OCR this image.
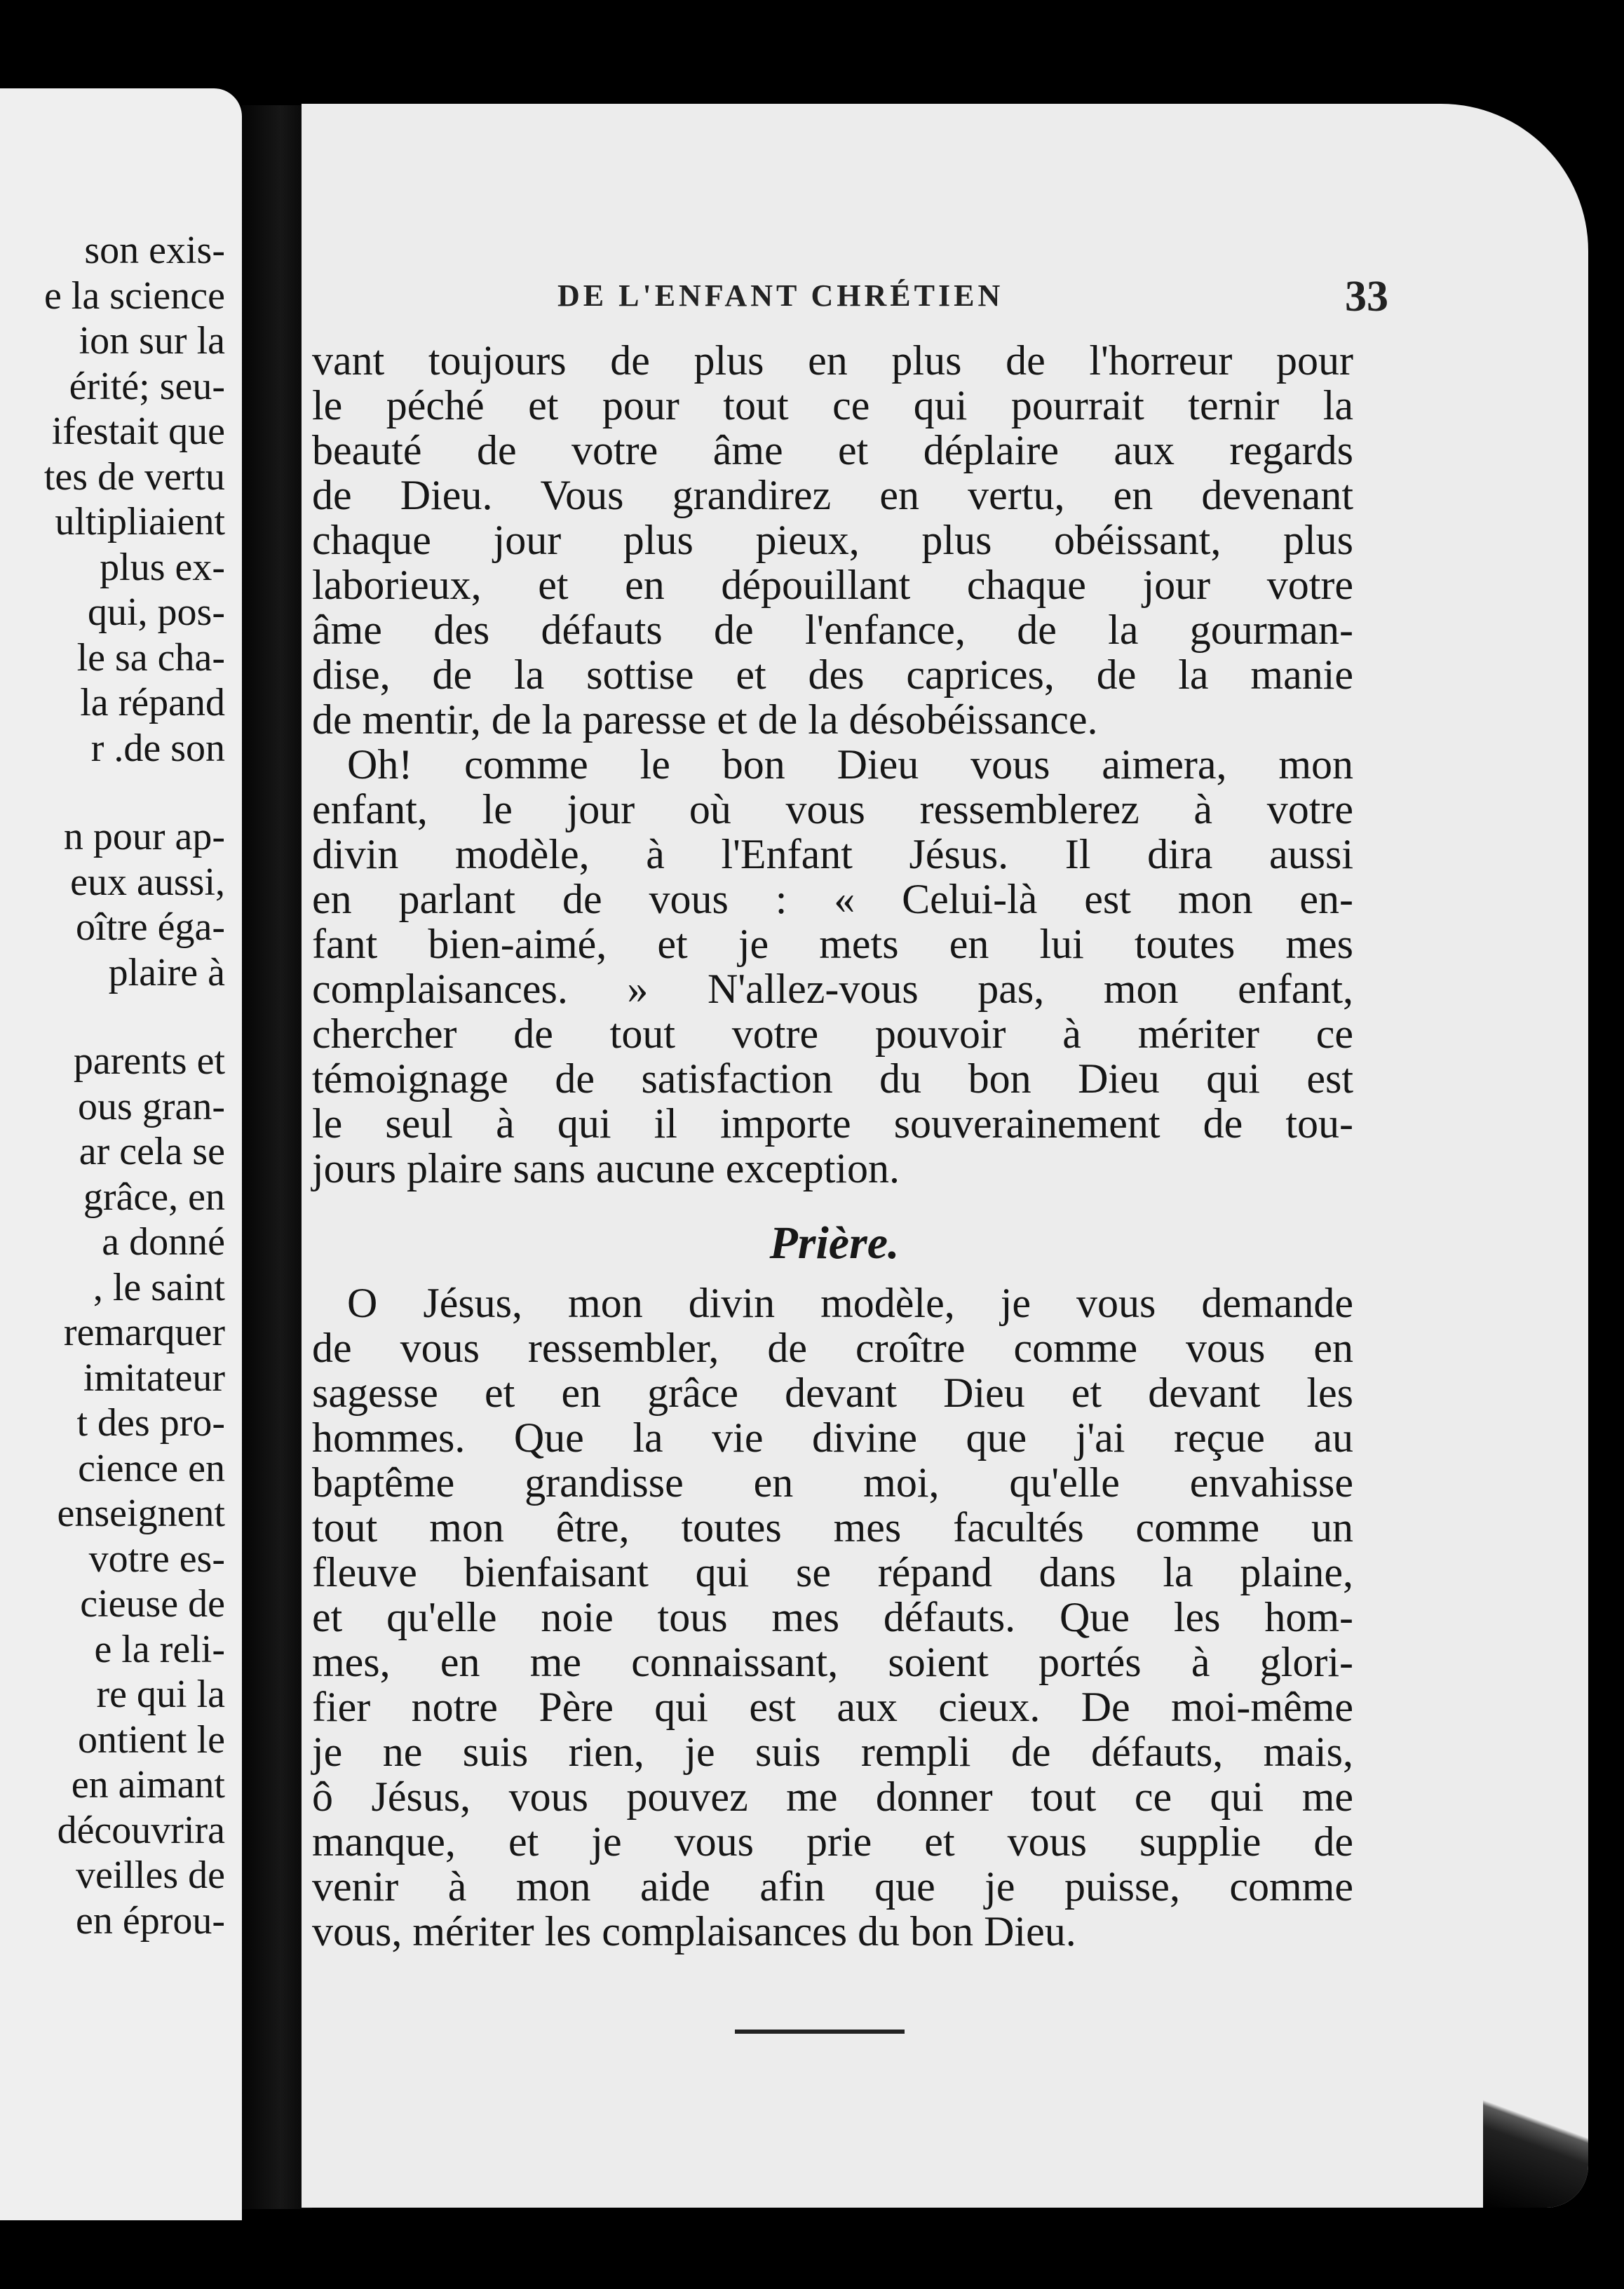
son exis-
e la science
ion sur la
érité; seu-
ifestait que
tes de vertu
ultipliaient
plus ex-
qui, pos-
le sa cha-
la répand
r .de son
n pour ap-
eux aussi,
oître éga-
plaire à
parents et
ous gran-
ar cela se
grâce, en
a donné
, le saint
remarquer
imitateur
t des pro-
cience en
enseignent
votre es-
cieuse de
e la reli-
re qui la
ontient le
en aimant
découvrira
veilles de
en éprou-
DE L'ENFANT CHRÉTIEN	33
vant toujours de plus en plus de l'horreur pour
le péché et pour tout ce qui pourrait ternir la
beauté de votre âme et déplaire aux regards
de Dieu. Vous grandirez en vertu, en devenant
chaque jour plus pieux, plus obéissant, plus
laborieux, et en dépouillant chaque jour votre
âme des défauts de l'enfance, de la gourman-
dise, de la sottise et des caprices, de la manie
de mentir, de la paresse et de la désobéissance.
Oh! comme le bon Dieu vous aimera, mon
enfant, le jour où vous ressemblerez à votre
divin modèle, à l'Enfant Jésus. Il dira aussi
en parlant de vous : « Celui-là est mon en-
fant bien-aimé, et je mets en lui toutes mes
complaisances. » N'allez-vous pas, mon enfant,
chercher de tout votre pouvoir à mériter ce
témoignage de satisfaction du bon Dieu qui est
le seul à qui il importe souverainement de tou-
jours plaire sans aucune exception.
Prière.
O Jésus, mon divin modèle, je vous demande
de vous ressembler, de croître comme vous en
sagesse et en grâce devant Dieu et devant les
hommes. Que la vie divine que j'ai reçue au
baptême grandisse en moi, qu'elle envahisse
tout mon être, toutes mes facultés comme un
fleuve bienfaisant qui se répand dans la plaine,
et qu'elle noie tous mes défauts. Que les hom-
mes, en me connaissant, soient portés à glori-
fier notre Père qui est aux cieux. De moi-même
je ne suis rien, je suis rempli de défauts, mais,
ô Jésus, vous pouvez me donner tout ce qui me
manque, et je vous prie et vous supplie de
venir à mon aide afin que je puisse, comme
vous, mériter les complaisances du bon Dieu.
